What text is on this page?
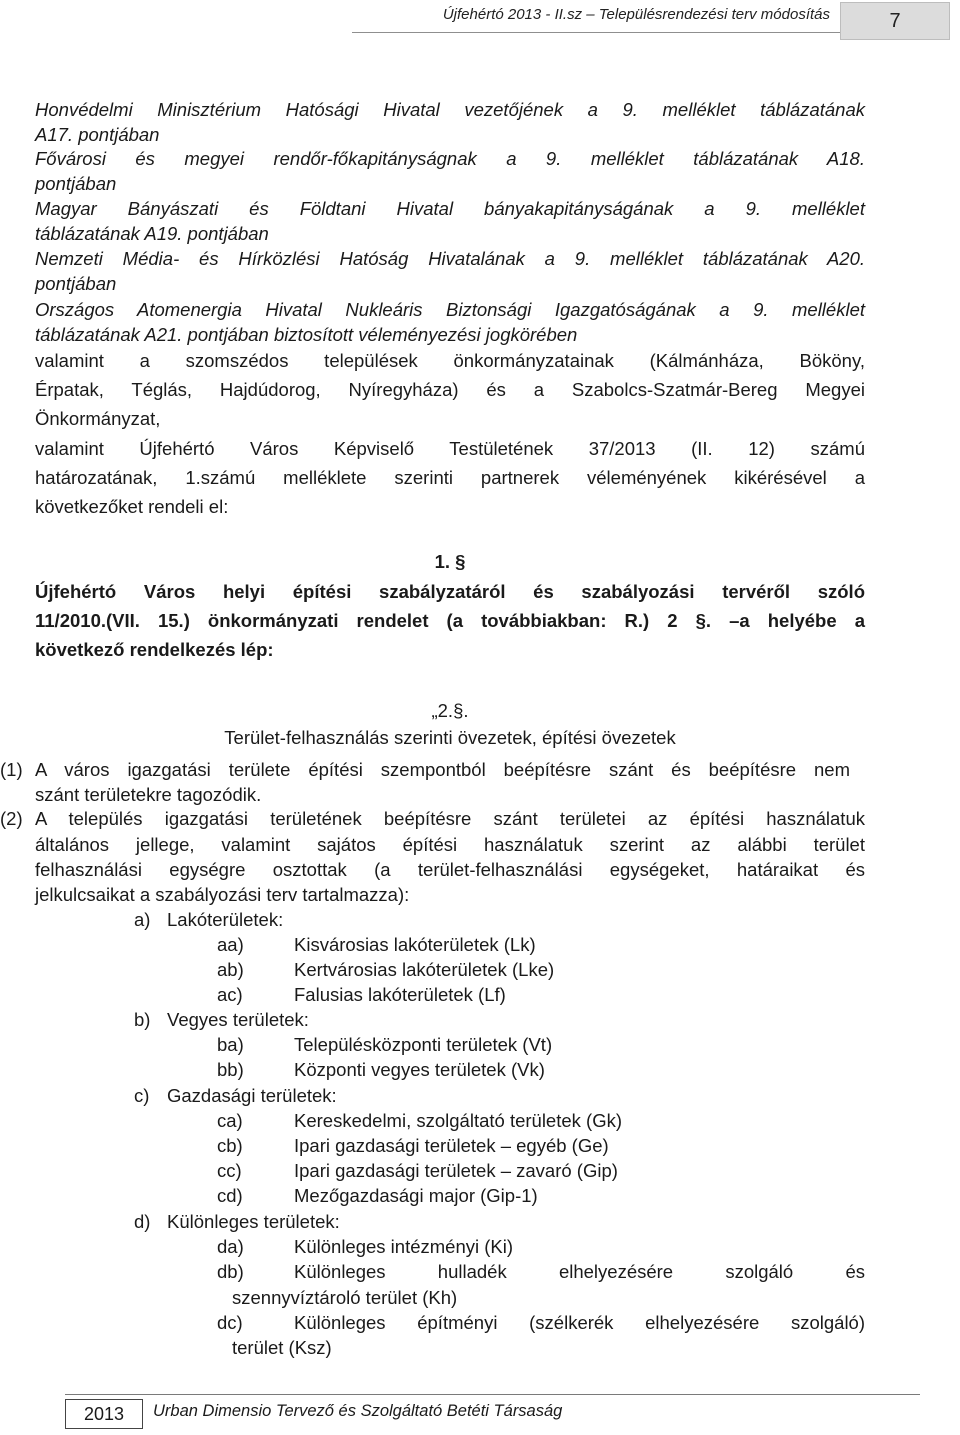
Újfehértó 2013 - II.sz – Településrendezési terv módosítás	7
Honvédelmi Minisztérium Hatósági Hivatal vezetőjének a 9. melléklet táblázatának
A17. pontjában
Fővárosi és megyei rendőr-főkapitányságnak a 9. melléklet táblázatának A18.
pontjában
Magyar Bányászati és Földtani Hivatal bányakapitányságának a 9. melléklet
táblázatának A19. pontjában
Nemzeti Média- és Hírközlési Hatóság Hivatalának a 9. melléklet táblázatának A20.
pontjában
Országos Atomenergia Hivatal Nukleáris Biztonsági Igazgatóságának a 9. melléklet
táblázatának A21. pontjában biztosított véleményezési jogkörében
valamint a szomszédos települések önkormányzatainak (Kálmánháza, Bököny,
Érpatak, Téglás, Hajdúdorog, Nyíregyháza) és a Szabolcs-Szatmár-Bereg Megyei
Önkormányzat,
valamint Újfehértó Város Képviselő Testületének 37/2013 (II. 12) számú
határozatának, 1.számú melléklete szerinti partnerek véleményének kikérésével a
következőket rendeli el:
1. §
Újfehértó Város helyi építési szabályzatáról és szabályozási tervéről szóló
11/2010.(VII. 15.) önkormányzati rendelet (a továbbiakban: R.) 2 §. –a helyébe a
következő rendelkezés lép:
„2.§.
Terület-felhasználás szerinti övezetek, építési övezetek
(1) A város igazgatási területe építési szempontból beépítésre szánt és beépítésre nem
szánt területekre tagozódik.
(2) A település igazgatási területének beépítésre szánt területei az építési használatuk
általános jellege, valamint sajátos építési használatuk szerint az alábbi terület
felhasználási egységre osztottak (a terület-felhasználási egységeket, határaikat és
jelkulcsaikat a szabályozási terv tartalmazza):
a) Lakóterületek:
aa)	Kisvárosias lakóterületek (Lk)
ab)	Kertvárosias lakóterületek (Lke)
ac)	Falusias lakóterületek (Lf)
b) Vegyes területek:
ba)	Településközponti területek (Vt)
bb)	Központi vegyes területek (Vk)
c) Gazdasági területek:
ca)	Kereskedelmi, szolgáltató területek (Gk)
cb)	Ipari gazdasági területek – egyéb (Ge)
cc)	Ipari gazdasági területek – zavaró (Gip)
cd)	Mezőgazdasági major (Gip-1)
d) Különleges területek:
da)	Különleges intézményi (Ki)
db)	Különleges hulladék elhelyezésére szolgáló és
szennyvíztároló terület (Kh)
dc)	Különleges építményi (szélkerék elhelyezésére szolgáló)
terület (Ksz)
2013 Urban Dimensio Tervező és Szolgáltató Betéti Társaság
